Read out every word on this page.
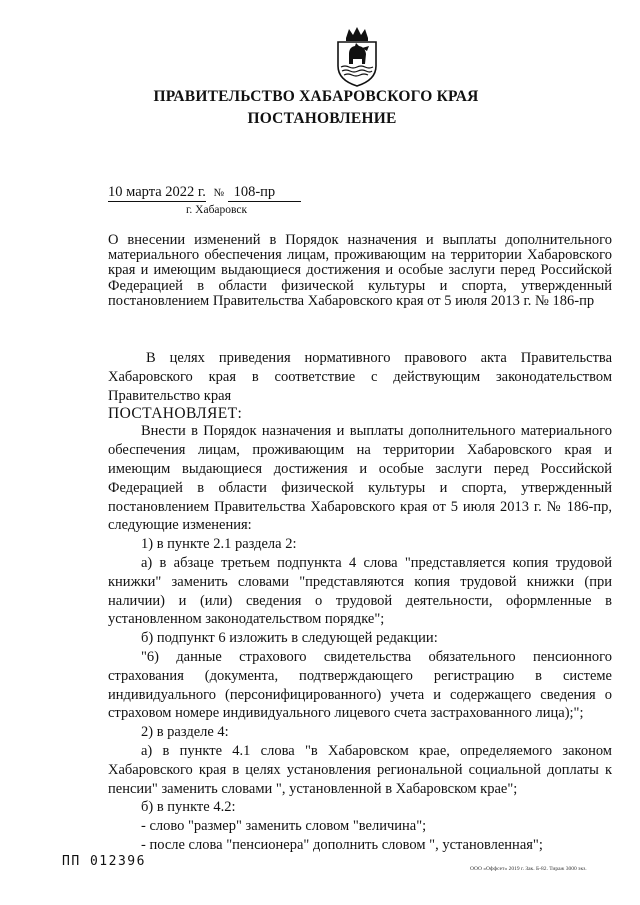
ПРАВИТЕЛЬСТВО ХАБАРОВСКОГО КРАЯ
ПОСТАНОВЛЕНИЕ
10 марта 2022 г. № 108-пр
г. Хабаровск
О внесении изменений в Порядок назначения и выплаты дополнительного материального обеспечения лицам, проживающим на территории Хабаровского края и имеющим выдающиеся достижения и особые заслуги перед Российской Федерацией в области физической культуры и спорта, утвержденный постановлением Правительства Хабаровского края от 5 июля 2013 г. № 186-пр

В целях приведения нормативного правового акта Правительства Хабаровского края в соответствие с действующим законодательством Правительство края

ПОСТАНОВЛЯЕТ:

Внести в Порядок назначения и выплаты дополнительного материального обеспечения лицам, проживающим на территории Хабаровского края и имеющим выдающиеся достижения и особые заслуги перед Российской Федерацией в области физической культуры и спорта, утвержденный постановлением Правительства Хабаровского края от 5 июля 2013 г. № 186-пр, следующие изменения:

1) в пункте 2.1 раздела 2:

а) в абзаце третьем подпункта 4 слова "представляется копия трудовой книжки" заменить словами "представляются копия трудовой книжки (при наличии) и (или) сведения о трудовой деятельности, оформленные в установленном законодательством порядке";

б) подпункт 6 изложить в следующей редакции:

"6) данные страхового свидетельства обязательного пенсионного страхования (документа, подтверждающего регистрацию в системе индивидуального (персонифицированного) учета и содержащего сведения о страховом номере индивидуального лицевого счета застрахованного лица);";

2) в разделе 4:

а) в пункте 4.1 слова "в Хабаровском крае, определяемого законом Хабаровского края в целях установления региональной социальной доплаты к пенсии" заменить словами ", установленной в Хабаровском крае";

б) в пункте 4.2:

- слово "размер" заменить словом "величина";

- после слова "пенсионера" дополнить словом ", установленная";

ПП 012396	ООО «Оффсет» 2019 г. Зак. Б-82. Тираж 3000 экз.
